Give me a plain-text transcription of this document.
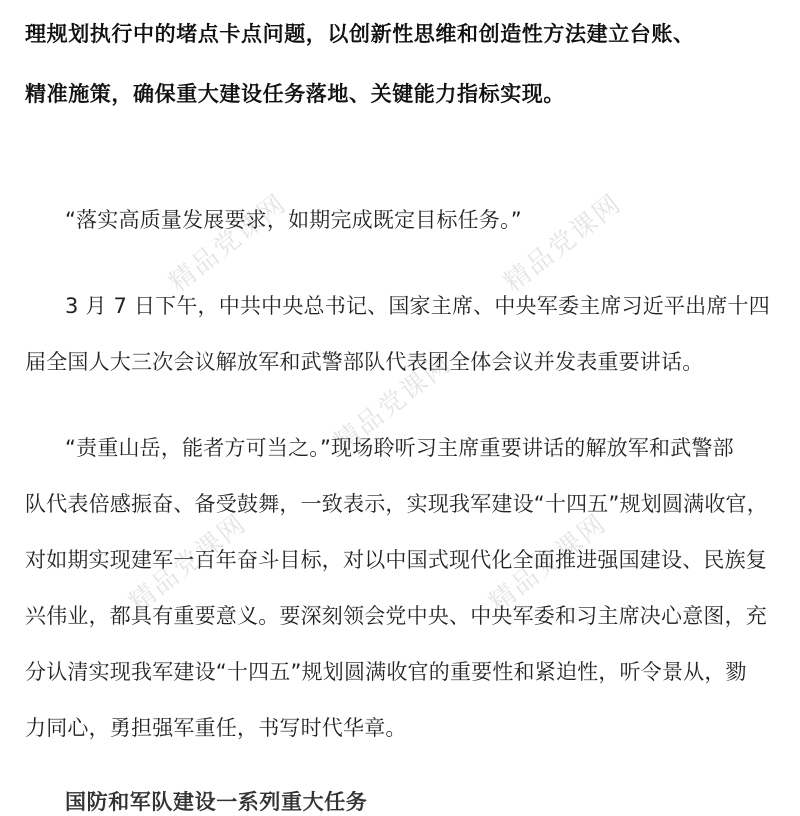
精品党课网	精品党课网
精品党课网
精品党课网	精品党课网
理规划执行中的堵点卡点问题，以创新性思维和创造性方法建立台账、
精准施策，确保重大建设任务落地、关键能力指标实现。
“落实高质量发展要求，如期完成既定目标任务。”
3 月 7 日下午，中共中央总书记、国家主席、中央军委主席习近平出席十四
届全国人大三次会议解放军和武警部队代表团全体会议并发表重要讲话。
“责重山岳，能者方可当之。”现场聆听习主席重要讲话的解放军和武警部
队代表倍感振奋、备受鼓舞，一致表示，实现我军建设“十四五”规划圆满收官，
对如期实现建军一百年奋斗目标，对以中国式现代化全面推进强国建设、民族复
兴伟业，都具有重要意义。要深刻领会党中央、中央军委和习主席决心意图，充
分认清实现我军建设“十四五”规划圆满收官的重要性和紧迫性，听令景从，勠
力同心，勇担强军重任，书写时代华章。
国防和军队建设一系列重大任务
